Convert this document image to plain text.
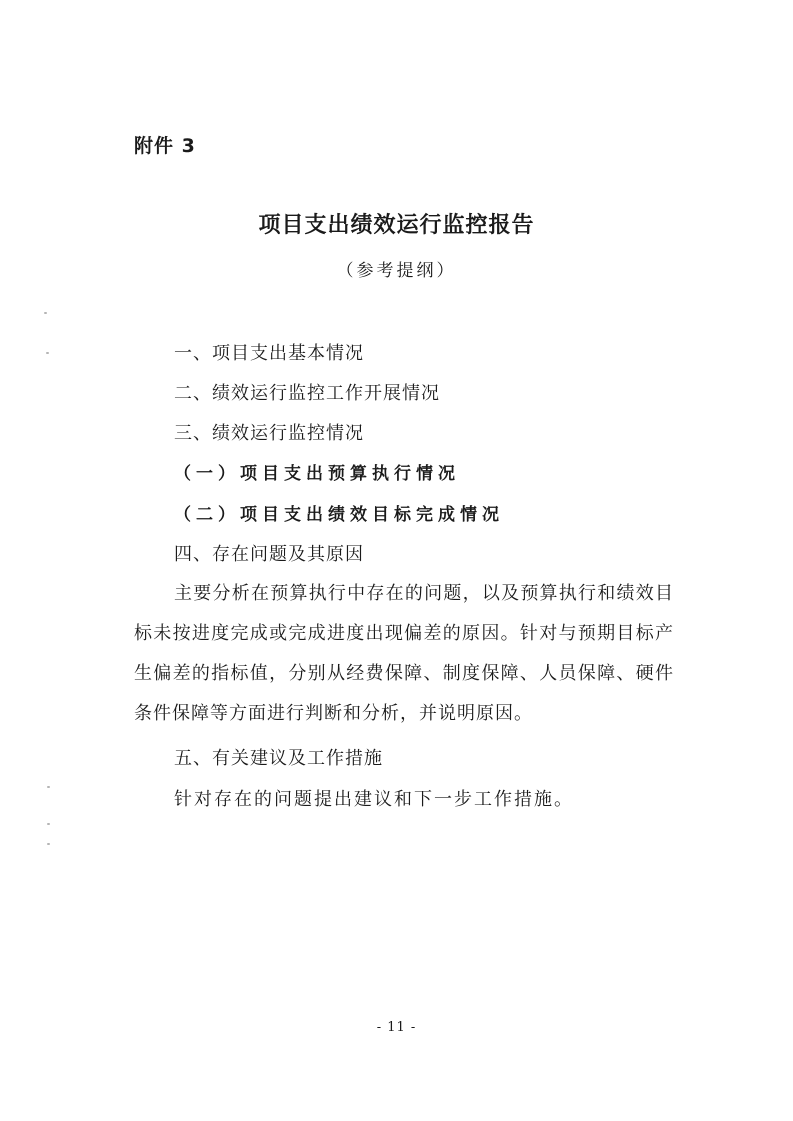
附件 3
项目支出绩效运行监控报告
（参考提纲）
一、项目支出基本情况
二、绩效运行监控工作开展情况
三、绩效运行监控情况
（一）项目支出预算执行情况
（二）项目支出绩效目标完成情况
四、存在问题及其原因
主要分析在预算执行中存在的问题，以及预算执行和绩效目标未按进度完成或完成进度出现偏差的原因。针对与预期目标产生偏差的指标值，分别从经费保障、制度保障、人员保障、硬件条件保障等方面进行判断和分析，并说明原因。
五、有关建议及工作措施
针对存在的问题提出建议和下一步工作措施。
- 11 -
